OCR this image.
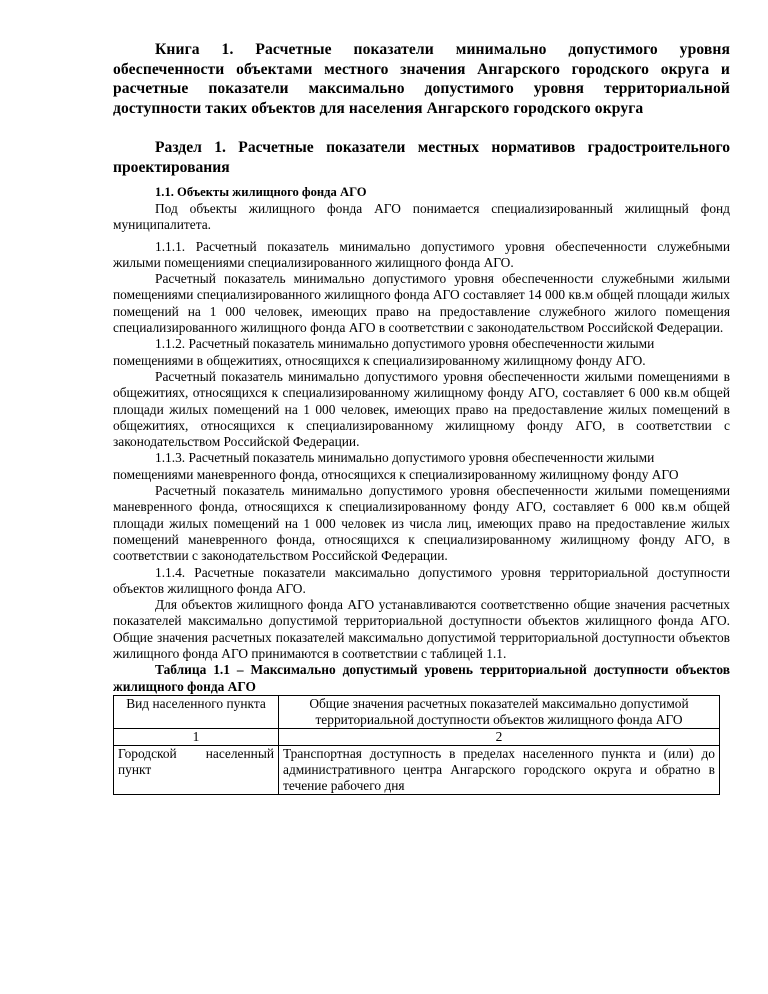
Книга 1. Расчетные показатели минимально допустимого уровня обеспеченности объектами местного значения Ангарского городского округа и расчетные показатели максимально допустимого уровня территориальной доступности таких объектов для населения Ангарского городского округа
Раздел 1. Расчетные показатели местных нормативов градостроительного проектирования
1.1. Объекты жилищного фонда АГО

Под объекты жилищного фонда АГО понимается специализированный жилищный фонд муниципалитета.

1.1.1. Расчетный показатель минимально допустимого уровня обеспеченности служебными жилыми помещениями специализированного жилищного фонда АГО.

Расчетный показатель минимально допустимого уровня обеспеченности служебными жилыми помещениями специализированного жилищного фонда АГО составляет 14 000 кв.м общей площади жилых помещений на 1 000 человек, имеющих право на предоставление служебного жилого помещения специализированного жилищного фонда АГО в соответствии с законодательством Российской Федерации.

1.1.2. Расчетный показатель минимально допустимого уровня обеспеченности жилыми помещениями в общежитиях, относящихся к специализированному жилищному фонду АГО.

Расчетный показатель минимально допустимого уровня обеспеченности жилыми помещениями в общежитиях, относящихся к специализированному жилищному фонду АГО, составляет 6 000 кв.м общей площади жилых помещений на 1 000 человек, имеющих право на предоставление жилых помещений в общежитиях, относящихся к специализированному жилищному фонду АГО, в соответствии с законодательством Российской Федерации.

1.1.3. Расчетный показатель минимально допустимого уровня обеспеченности жилыми помещениями маневренного фонда, относящихся к специализированному жилищному фонду АГО

Расчетный показатель минимально допустимого уровня обеспеченности жилыми помещениями маневренного фонда, относящихся к специализированному фонду АГО, составляет 6 000 кв.м общей площади жилых помещений на 1 000 человек из числа лиц, имеющих право на предоставление жилых помещений маневренного фонда, относящихся к специализированному жилищному фонду АГО, в соответствии с законодательством Российской Федерации.

1.1.4. Расчетные показатели максимально допустимого уровня территориальной доступности объектов жилищного фонда АГО.

Для объектов жилищного фонда АГО устанавливаются соответственно общие значения расчетных показателей максимально допустимой территориальной доступности объектов жилищного фонда АГО. Общие значения расчетных показателей максимально допустимой территориальной доступности объектов жилищного фонда АГО принимаются в соответствии с таблицей 1.1.

Таблица 1.1 – Максимально допустимый уровень территориальной доступности объектов жилищного фонда АГО

Вид населенного пункта	Общие значения расчетных показателей максимально допустимой территориальной доступности объектов жилищного фонда АГО
1	2
Городской населенный пункт	Транспортная доступность в пределах населенного пункта и (или) до административного центра Ангарского городского округа и обратно в течение рабочего дня
